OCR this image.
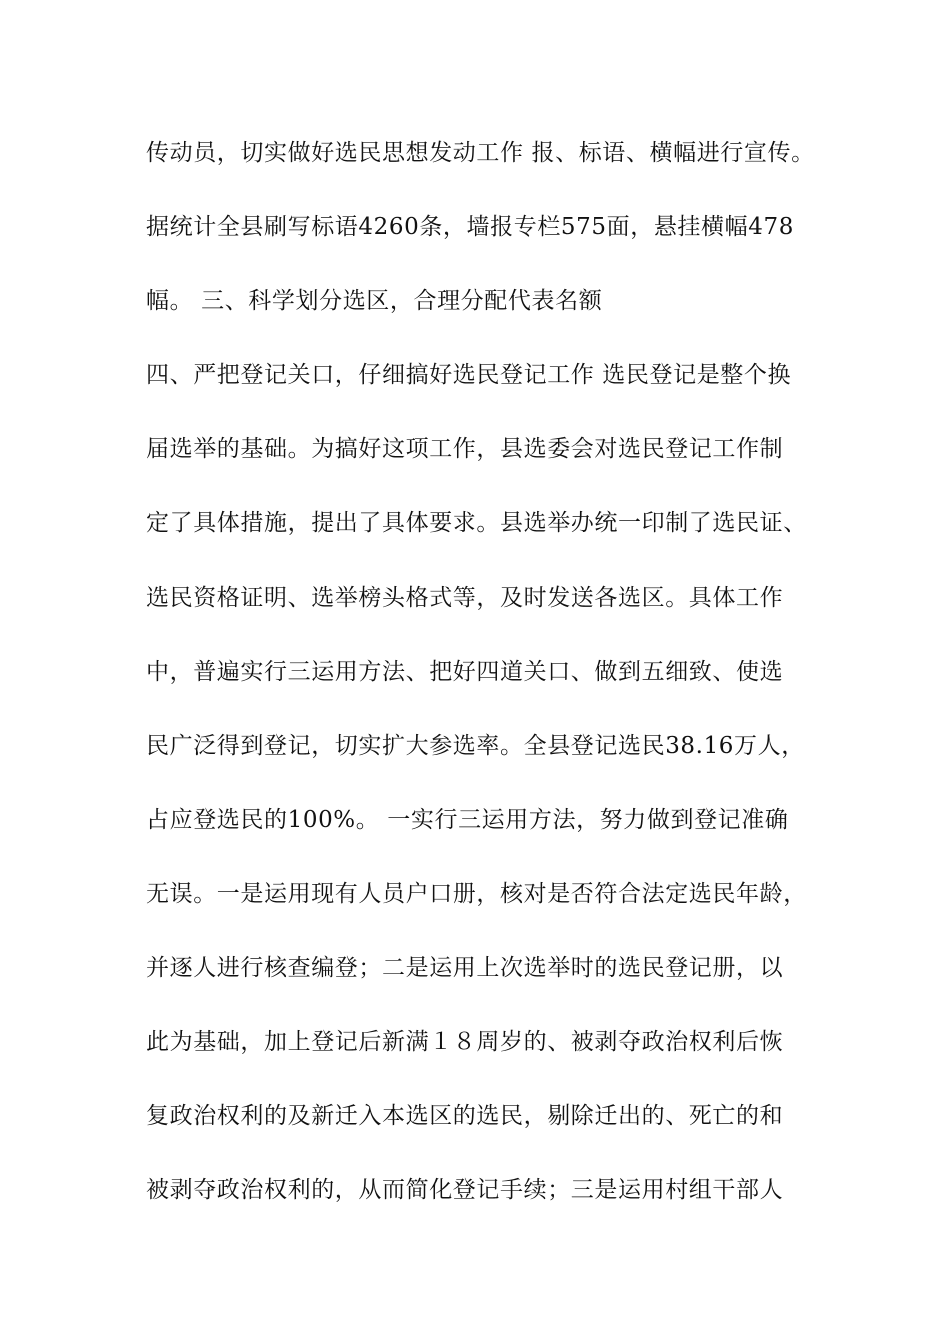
传动员，切实做好选民思想发动工作 报、标语、横幅进行宣传。
据统计全县刷写标语4260条，墙报专栏575面，悬挂横幅478
幅。 三、科学划分选区，合理分配代表名额
四、严把登记关口，仔细搞好选民登记工作 选民登记是整个换
届选举的基础。为搞好这项工作，县选委会对选民登记工作制
定了具体措施，提出了具体要求。县选举办统一印制了选民证、
选民资格证明、选举榜头格式等，及时发送各选区。具体工作
中，普遍实行三运用方法、把好四道关口、做到五细致、使选
民广泛得到登记，切实扩大参选率。全县登记选民38.16万人，
占应登选民的100%。 一实行三运用方法，努力做到登记准确
无误。一是运用现有人员户口册，核对是否符合法定选民年龄，
并逐人进行核查编登；二是运用上次选举时的选民登记册，以
此为基础，加上登记后新满１８周岁的、被剥夺政治权利后恢
复政治权利的及新迁入本选区的选民，剔除迁出的、死亡的和
被剥夺政治权利的，从而简化登记手续；三是运用村组干部人
